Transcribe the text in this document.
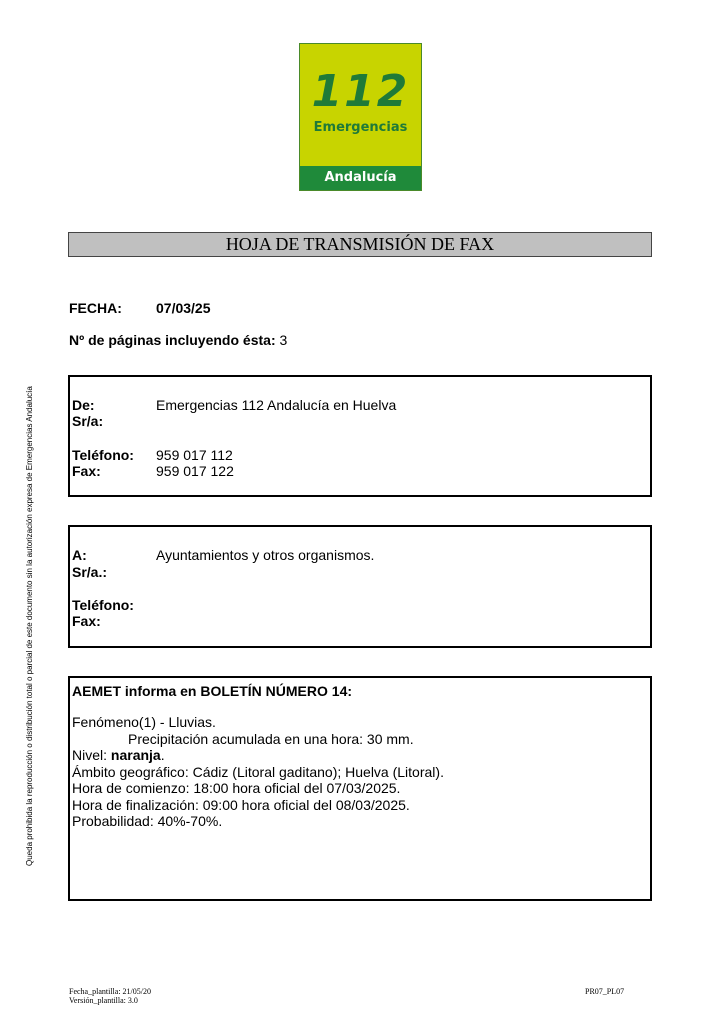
112
Emergencias
Andalucía
HOJA DE TRANSMISIÓN DE FAX
FECHA: 07/03/25
Nº de páginas incluyendo ésta: 3
De:	Emergencias 112 Andalucía en Huelva
Sr/a:
Teléfono: 959 017 112
Fax:	959 017 122
A:	Ayuntamientos y otros organismos.
Sr/a.:
Teléfono:
Fax:
AEMET informa en BOLETÍN NÚMERO 14:
Fenómeno(1) - Lluvias.
Precipitación acumulada en una hora: 30 mm.
Nivel: naranja.
Ámbito geográfico: Cádiz (Litoral gaditano); Huelva (Litoral).
Hora de comienzo: 18:00 hora oficial del 07/03/2025.
Hora de finalización: 09:00 hora oficial del 08/03/2025.
Probabilidad: 40%-70%.
Queda prohibida la reproducción o distribución total o parcial de este documento sin la autorización expresa de Emergencias Andalucía
Fecha_plantilla: 21/05/20
Versión_plantilla: 3.0
PR07_PL07
